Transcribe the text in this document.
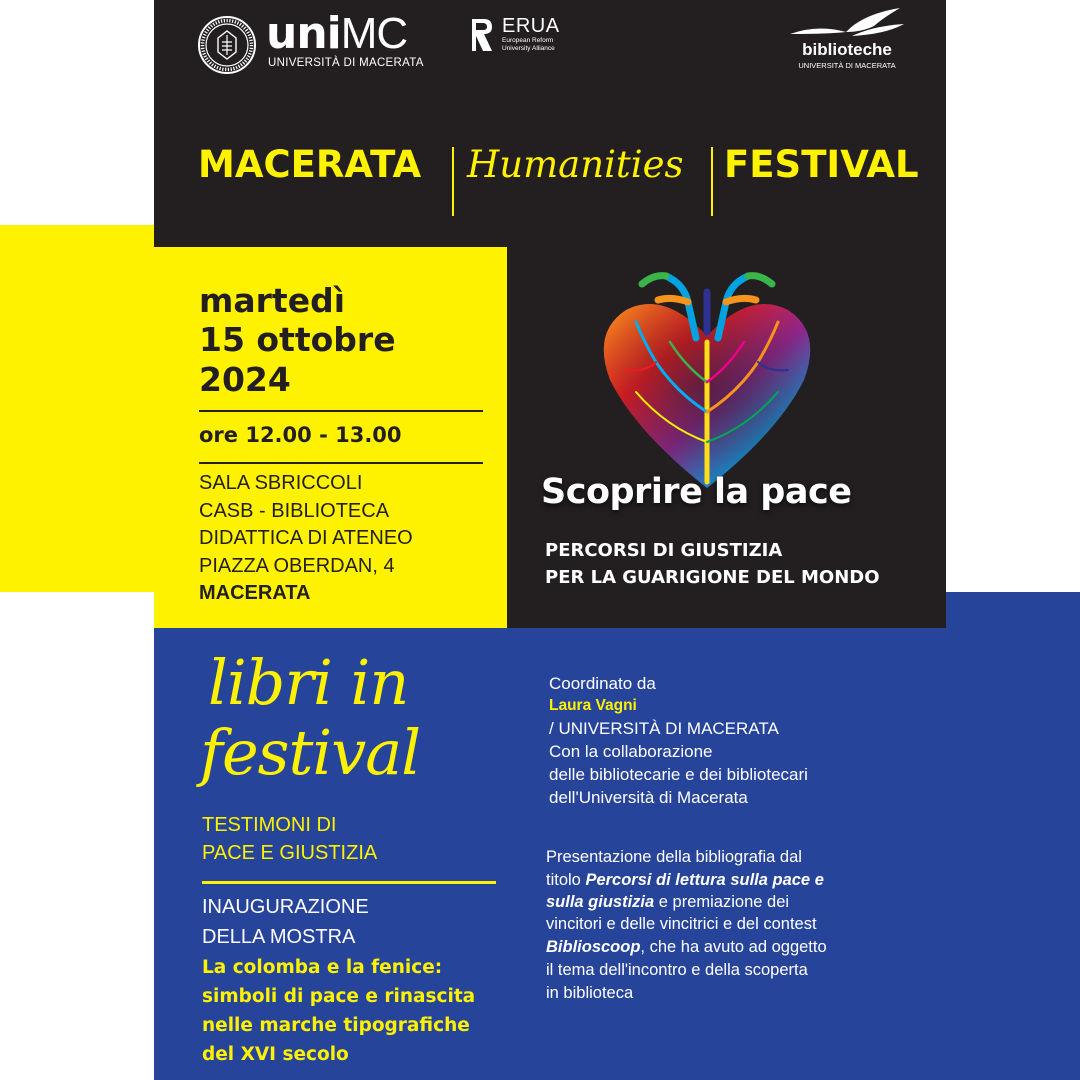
uniMC
UNIVERSITÀ DI MACERATA
ERUA
European Reform
University Alliance	biblioteche
UNIVERSITÀ DI MACERATA
MACERATA Humanities FESTIVAL
martedì
15 ottobre
2024
ore 12.00 - 13.00
SALA SBRICCOLI
CASB - BIBLIOTECA
DIDATTICA DI ATENEO
PIAZZA OBERDAN, 4
MACERATA
Scoprire la pace
PERCORSI DI GIUSTIZIA
PER LA GUARIGIONE DEL MONDO
libri in
festival
TESTIMONI DI
PACE E GIUSTIZIA
INAUGURAZIONE
DELLA MOSTRA
La colomba e la fenice:
simboli di pace e rinascita
nelle marche tipografiche
del XVI secolo
Coordinato da
Laura Vagni
/ UNIVERSITÀ DI MACERATA
Con la collaborazione
delle bibliotecarie e dei bibliotecari
dell'Università di Macerata
Presentazione della bibliografia dal
titolo Percorsi di lettura sulla pace e
sulla giustizia e premiazione dei
vincitori e delle vincitrici e del contest
Biblioscoop, che ha avuto ad oggetto
il tema dell'incontro e della scoperta
in biblioteca
